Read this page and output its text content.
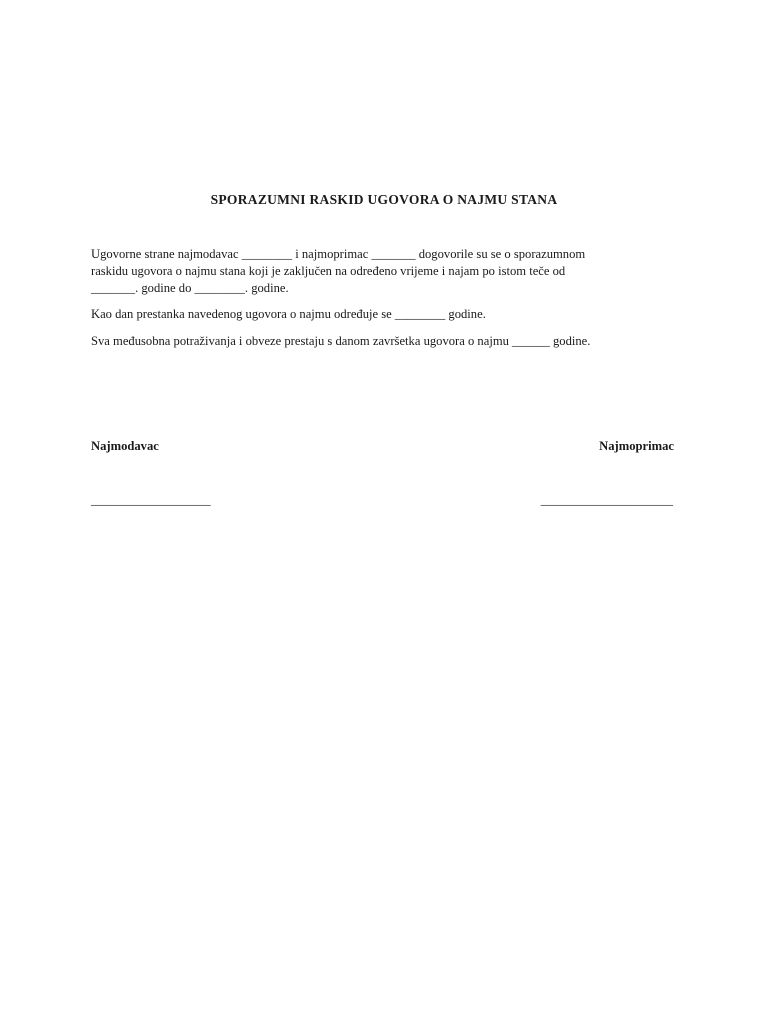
SPORAZUMNI RASKID UGOVORA O NAJMU STANA
Ugovorne strane najmodavac ________ i najmoprimac _______ dogovorile su se o sporazumnom
raskidu ugovora o najmu stana koji je zaključen na određeno vrijeme i najam po istom teče od
_______. godine do ________. godine.
Kao dan prestanka navedenog ugovora o najmu određuje se ________ godine.
Sva međusobna potraživanja i obveze prestaju s danom završetka ugovora o najmu ______ godine.
Najmodavac	Najmoprimac
___________________	_____________________
